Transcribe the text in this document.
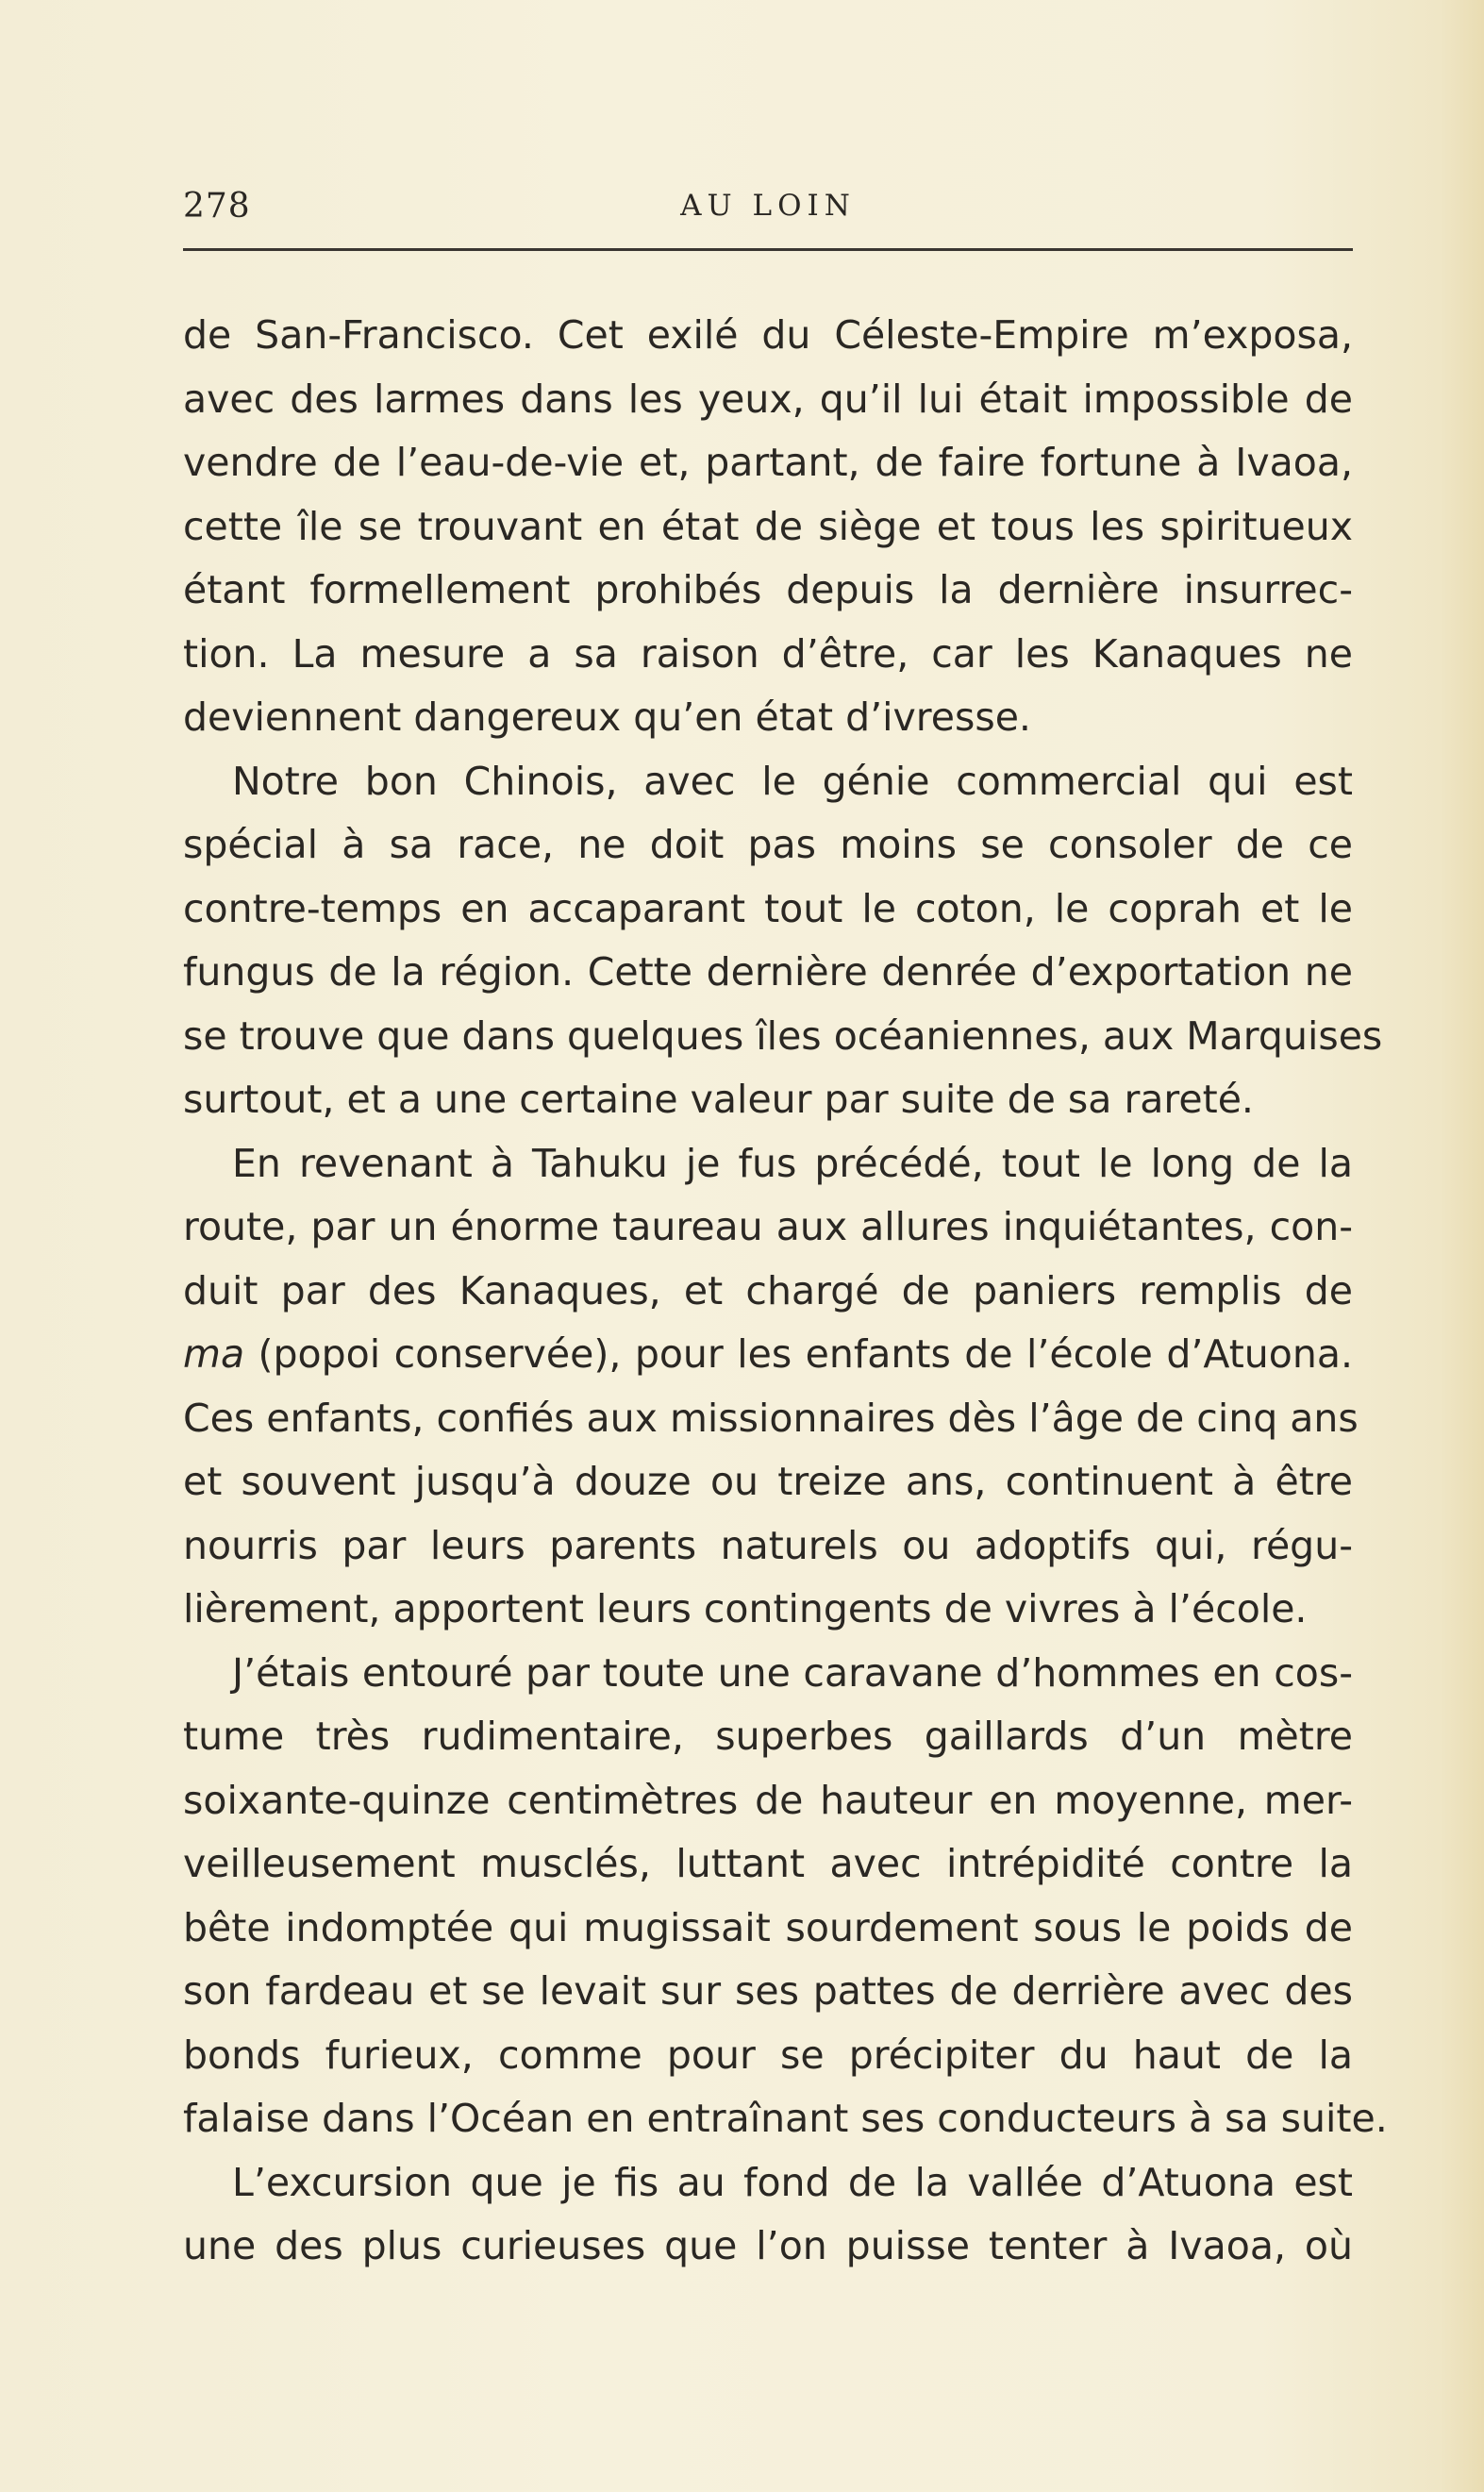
278	AU LOIN
de San-Francisco. Cet exilé du Céleste-Empire m’exposa,
avec des larmes dans les yeux, qu’il lui était impossible de
vendre de l’eau-de-vie et, partant, de faire fortune à Ivaoa,
cette île se trouvant en état de siège et tous les spiritueux
étant formellement prohibés depuis la dernière insurrec-
tion. La mesure a sa raison d’être, car les Kanaques ne
deviennent dangereux qu’en état d’ivresse.
Notre bon Chinois, avec le génie commercial qui est
spécial à sa race, ne doit pas moins se consoler de ce
contre-temps en accaparant tout le coton, le coprah et le
fungus de la région. Cette dernière denrée d’exportation ne
se trouve que dans quelques îles océaniennes, aux Marquises
surtout, et a une certaine valeur par suite de sa rareté.
En revenant à Tahuku je fus précédé, tout le long de la
route, par un énorme taureau aux allures inquiétantes, con-
duit par des Kanaques, et chargé de paniers remplis de
ma (popoi conservée), pour les enfants de l’école d’Atuona.
Ces enfants, confiés aux missionnaires dès l’âge de cinq ans
et souvent jusqu’à douze ou treize ans, continuent à être
nourris par leurs parents naturels ou adoptifs qui, régu-
lièrement, apportent leurs contingents de vivres à l’école.
J’étais entouré par toute une caravane d’hommes en cos-
tume très rudimentaire, superbes gaillards d’un mètre
soixante-quinze centimètres de hauteur en moyenne, mer-
veilleusement musclés, luttant avec intrépidité contre la
bête indomptée qui mugissait sourdement sous le poids de
son fardeau et se levait sur ses pattes de derrière avec des
bonds furieux, comme pour se précipiter du haut de la
falaise dans l’Océan en entraînant ses conducteurs à sa suite.
L’excursion que je fis au fond de la vallée d’Atuona est
une des plus curieuses que l’on puisse tenter à Ivaoa, où
